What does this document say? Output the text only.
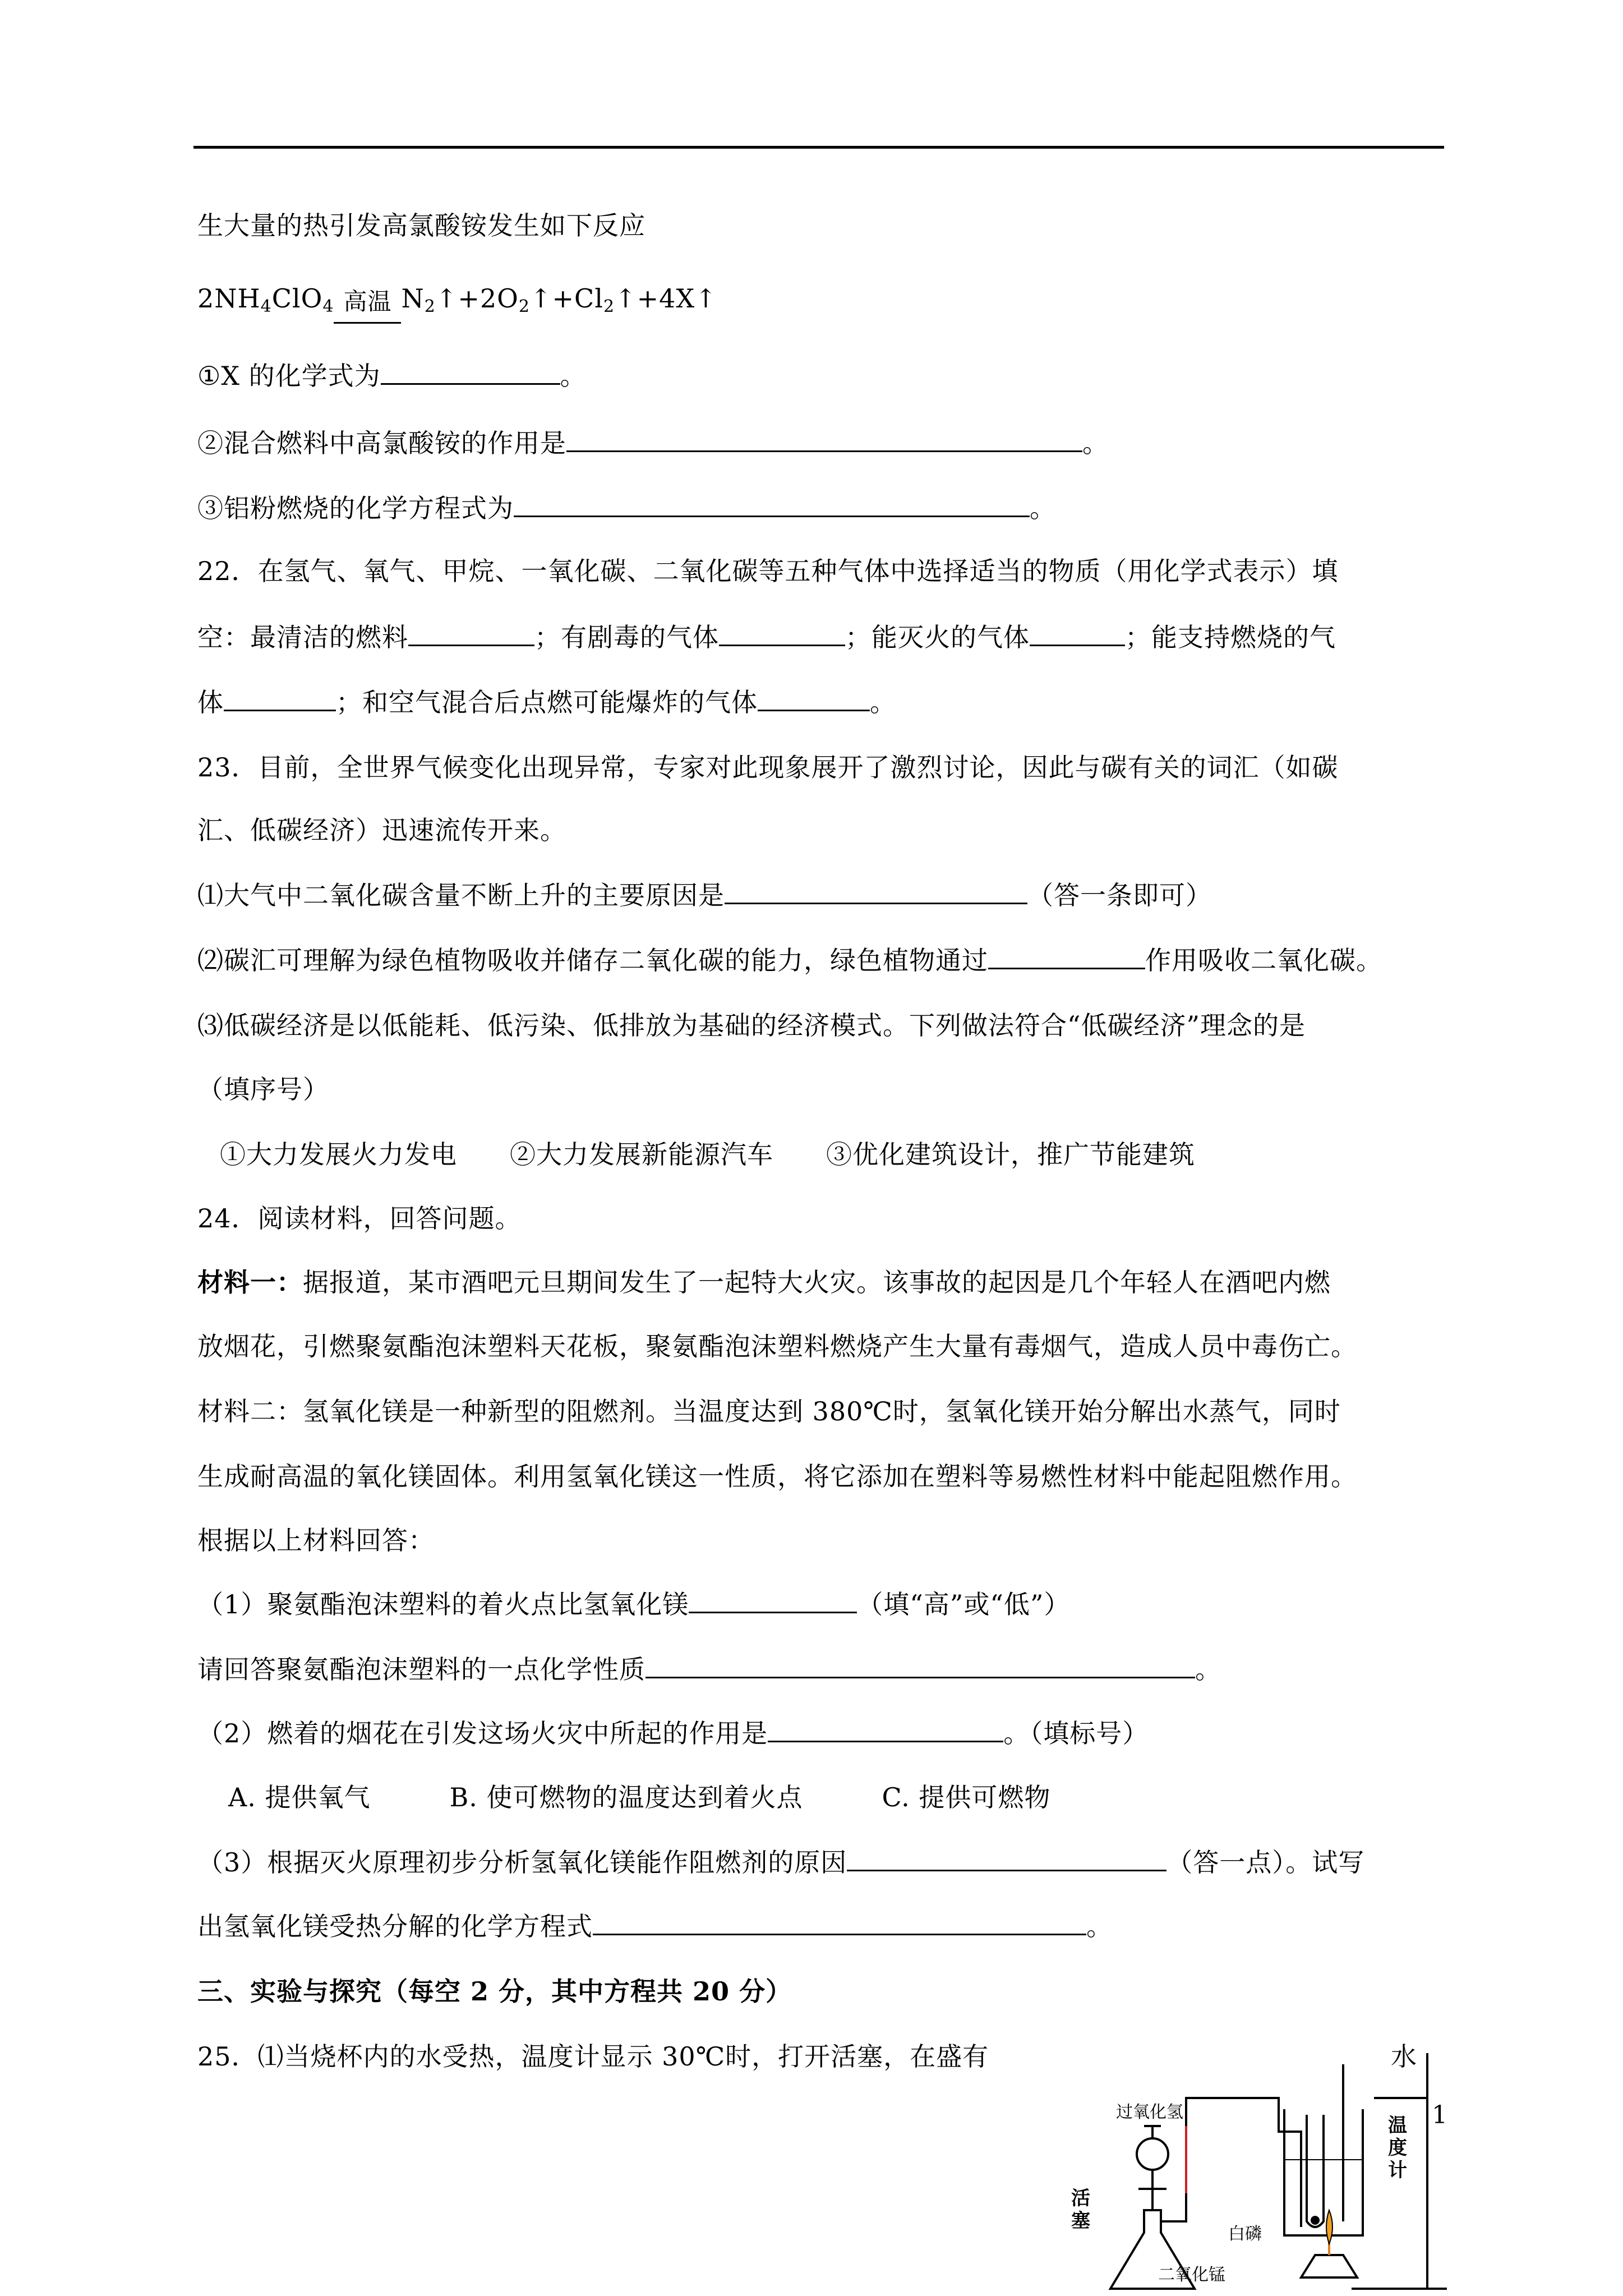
生大量的热引发高氯酸铵发生如下反应
$2NH_4ClO_4$ 高温 $N_2↑+2O_2↑+Cl_2↑+4X↑$
①X 的化学式为	。
②混合燃料中高氯酸铵的作用是	。
③铝粉燃烧的化学方程式为	。
22．在氢气、氧气、甲烷、一氧化碳、二氧化碳等五种气体中选择适当的物质（用化学式表示）填
空：最清洁的燃料	；有剧毒的气体	；能灭火的气体	；能支持燃烧的气
体	；和空气混合后点燃可能爆炸的气体	。
23．目前，全世界气候变化出现异常，专家对此现象展开了激烈讨论，因此与碳有关的词汇（如碳
汇、低碳经济）迅速流传开来。
⑴大气中二氧化碳含量不断上升的主要原因是	（答一条即可）
⑵碳汇可理解为绿色植物吸收并储存二氧化碳的能力，绿色植物通过	作用吸收二氧化碳。
⑶低碳经济是以低能耗、低污染、低排放为基础的经济模式。下列做法符合“低碳经济”理念的是
（填序号）
①大力发展火力发电　　②大力发展新能源汽车　　③优化建筑设计，推广节能建筑
24．阅读材料，回答问题。
材料一：据报道，某市酒吧元旦期间发生了一起特大火灾。该事故的起因是几个年轻人在酒吧内燃
放烟花，引燃聚氨酯泡沫塑料天花板，聚氨酯泡沫塑料燃烧产生大量有毒烟气，造成人员中毒伤亡。
材料二：氢氧化镁是一种新型的阻燃剂。当温度达到 380℃时，氢氧化镁开始分解出水蒸气，同时
生成耐高温的氧化镁固体。利用氢氧化镁这一性质，将它添加在塑料等易燃性材料中能起阻燃作用。
根据以上材料回答：
（1）聚氨酯泡沫塑料的着火点比氢氧化镁	（填“高”或“低”）
请回答聚氨酯泡沫塑料的一点化学性质	。
（2）燃着的烟花在引发这场火灾中所起的作用是	。（填标号）
　A. 提供氧气　　　B. 使可燃物的温度达到着火点　　　C. 提供可燃物
（3）根据灭火原理初步分析氢氧化镁能作阻燃剂的原因	（答一点）。试写
出氢氧化镁受热分解的化学方程式	。
三、实验与探究（每空 2 分，其中方程共 20 分）
25．⑴当烧杯内的水受热，温度计显示 30℃时，打开活塞，在盛有	水
1
过氧化氢
白磷
二氧化锰
活
塞
温
度
计
